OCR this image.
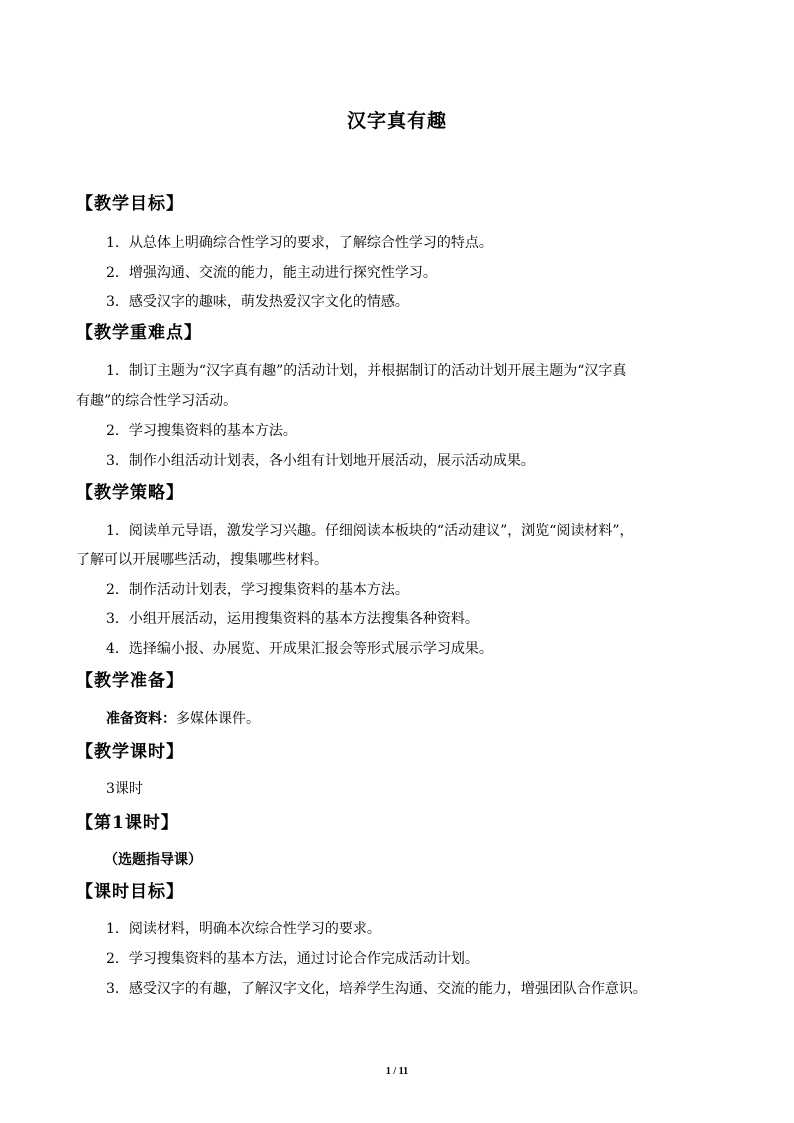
汉字真有趣
【教学目标】
1．从总体上明确综合性学习的要求，了解综合性学习的特点。
2．增强沟通、交流的能力，能主动进行探究性学习。
3．感受汉字的趣味，萌发热爱汉字文化的情感。
【教学重难点】
1．制订主题为“汉字真有趣”的活动计划，并根据制订的活动计划开展主题为“汉字真
有趣”的综合性学习活动。
2．学习搜集资料的基本方法。
3．制作小组活动计划表，各小组有计划地开展活动，展示活动成果。
【教学策略】
1．阅读单元导语，激发学习兴趣。仔细阅读本板块的“活动建议”，浏览“阅读材料”，
了解可以开展哪些活动，搜集哪些材料。
2．制作活动计划表，学习搜集资料的基本方法。
3．小组开展活动，运用搜集资料的基本方法搜集各种资料。
4．选择编小报、办展览、开成果汇报会等形式展示学习成果。
【教学准备】
准备资料：多媒体课件。
【教学课时】
3课时
【第1课时】
（选题指导课）
【课时目标】
1．阅读材料，明确本次综合性学习的要求。
2．学习搜集资料的基本方法，通过讨论合作完成活动计划。
3．感受汉字的有趣，了解汉字文化，培养学生沟通、交流的能力，增强团队合作意识。
1 / 11
